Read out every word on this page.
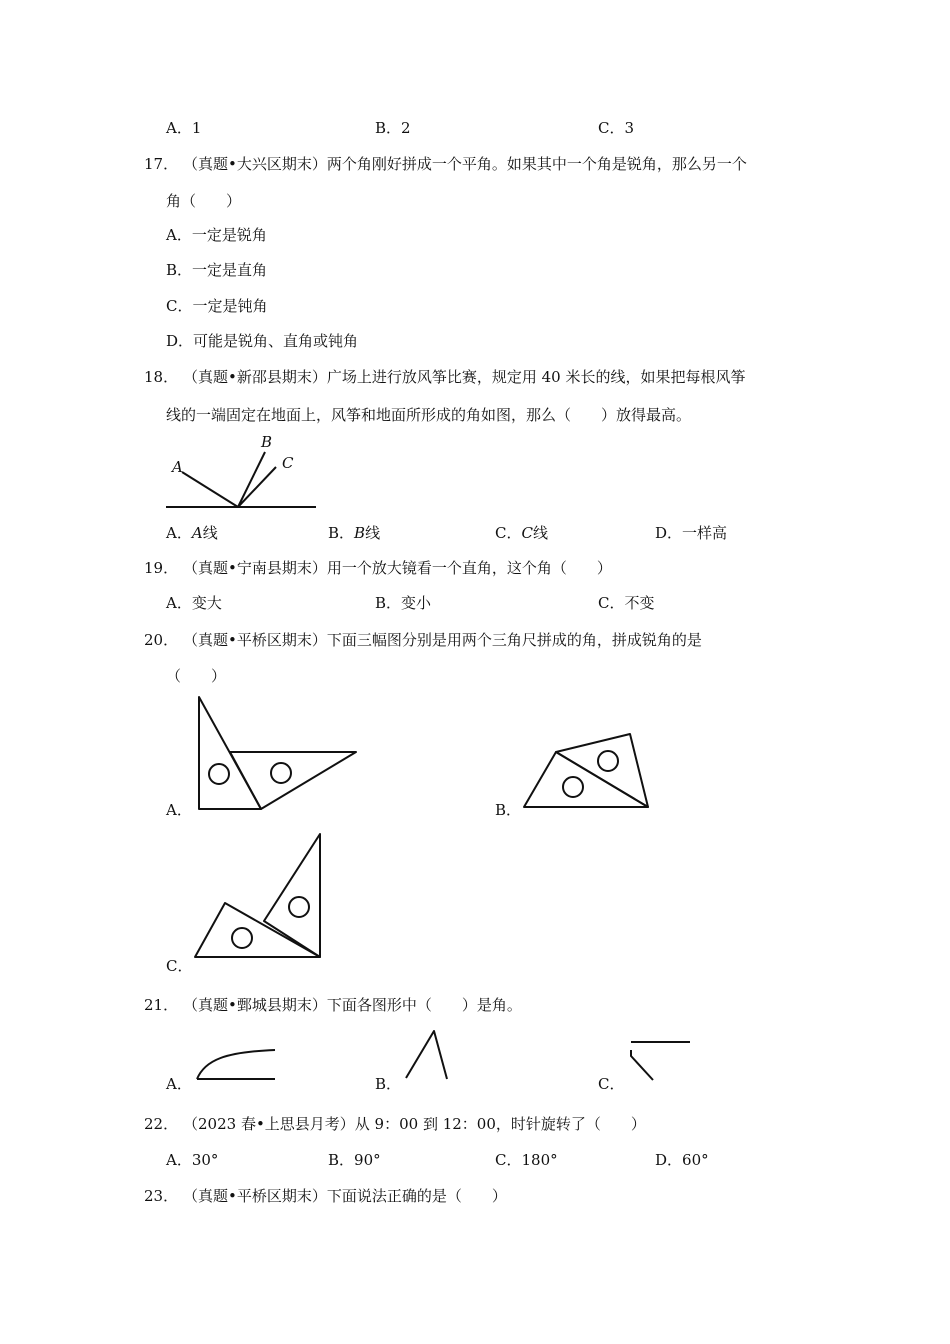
A．1	B．2	C．3
17． （真题•大兴区期末）两个角刚好拼成一个平角。如果其中一个角是锐角，那么另一个
角（　　）
A．一定是锐角
B．一定是直角
C．一定是钝角
D．可能是锐角、直角或钝角
18． （真题•新邵县期末）广场上进行放风筝比赛，规定用 40 米长的线，如果把每根风筝
线的一端固定在地面上，风筝和地面所形成的角如图，那么（　　）放得最高。
A
B
C
A．A线	B．B线	C．C线	D．一样高
19． （真题•宁南县期末）用一个放大镜看一个直角，这个角（　　）
A．变大	B．变小	C．不变
20． （真题•平桥区期末）下面三幅图分别是用两个三角尺拼成的角，拼成锐角的是
（　　）
A．	B．
C．
21． （真题•鄄城县期末）下面各图形中（　　）是角。
A．	B．	C．
22． （2023 春•上思县月考）从 9：00 到 12：00，时针旋转了（　　）
A．30°	B．90°	C．180°	D．60°
23． （真题•平桥区期末）下面说法正确的是（　　）
